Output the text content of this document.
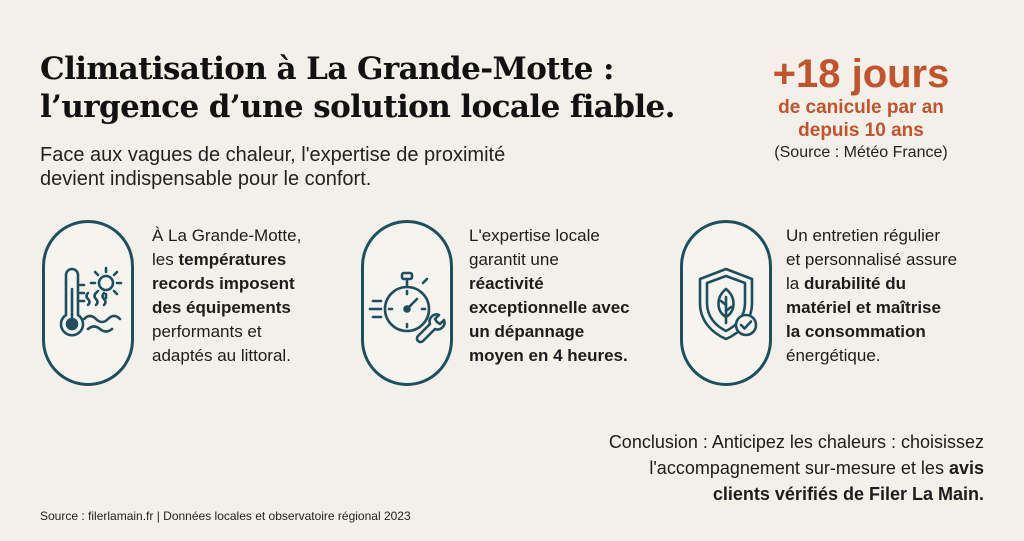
Climatisation à La Grande-Motte :
l’urgence d’une solution locale fiable.

Face aux vagues de chaleur, l'expertise de proximité
devient indispensable pour le confort.

+18 jours
de canicule par an
depuis 10 ans
(Source : Météo France)
À La Grande-Motte,
les températures
records imposent
des équipements
performants et
adaptés au littoral.
L'expertise locale
garantit une
réactivité
exceptionnelle avec
un dépannage
moyen en 4 heures.
Un entretien régulier
et personnalisé assure
la durabilité du
matériel et maîtrise
la consommation
énergétique.

Conclusion : Anticipez les chaleurs : choisissez
l'accompagnement sur-mesure et les avis
clients vérifiés de Filer La Main.

Source : filerlamain.fr | Données locales et observatoire régional 2023
